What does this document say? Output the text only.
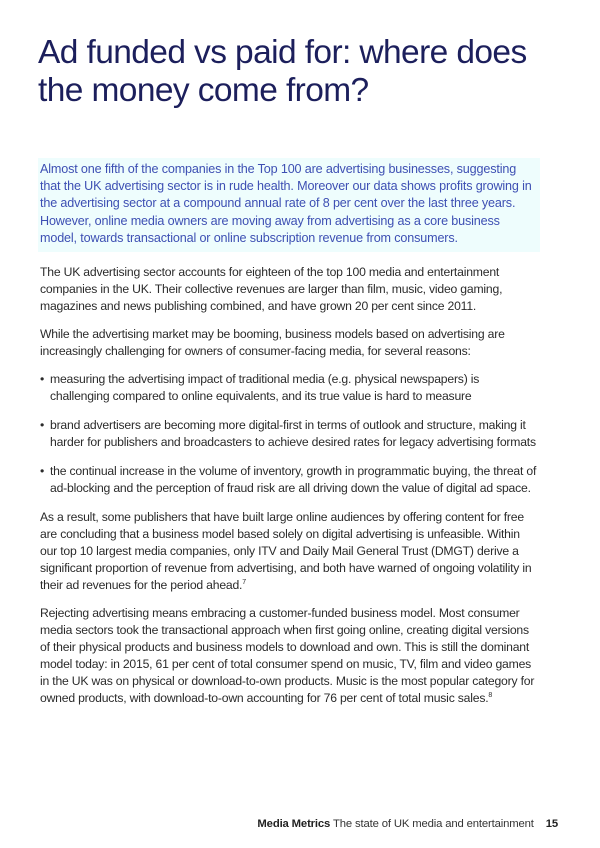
Ad funded vs paid for: where does the money come from?

Almost one fifth of the companies in the Top 100 are advertising businesses, suggesting that the UK advertising sector is in rude health. Moreover our data shows profits growing in the advertising sector at a compound annual rate of 8 per cent over the last three years. However, online media owners are moving away from advertising as a core business model, towards transactional or online subscription revenue from consumers.

The UK advertising sector accounts for eighteen of the top 100 media and entertainment companies in the UK. Their collective revenues are larger than film, music, video gaming, magazines and news publishing combined, and have grown 20 per cent since 2011.

While the advertising market may be booming, business models based on advertising are increasingly challenging for owners of consumer-facing media, for several reasons:

• measuring the advertising impact of traditional media (e.g. physical newspapers) is challenging compared to online equivalents, and its true value is hard to measure
• brand advertisers are becoming more digital-first in terms of outlook and structure, making it harder for publishers and broadcasters to achieve desired rates for legacy advertising formats
• the continual increase in the volume of inventory, growth in programmatic buying, the threat of ad-blocking and the perception of fraud risk are all driving down the value of digital ad space.

As a result, some publishers that have built large online audiences by offering content for free are concluding that a business model based solely on digital advertising is unfeasible. Within our top 10 largest media companies, only ITV and Daily Mail General Trust (DMGT) derive a significant proportion of revenue from advertising, and both have warned of ongoing volatility in their ad revenues for the period ahead.$^7$

Rejecting advertising means embracing a customer-funded business model. Most consumer media sectors took the transactional approach when first going online, creating digital versions of their physical products and business models to download and own. This is still the dominant model today: in 2015, 61 per cent of total consumer spend on music, TV, film and video games in the UK was on physical or download-to-own products. Music is the most popular category for owned products, with download-to-own accounting for 76 per cent of total music sales.$^8$

Media Metrics The state of UK media and entertainment 15
